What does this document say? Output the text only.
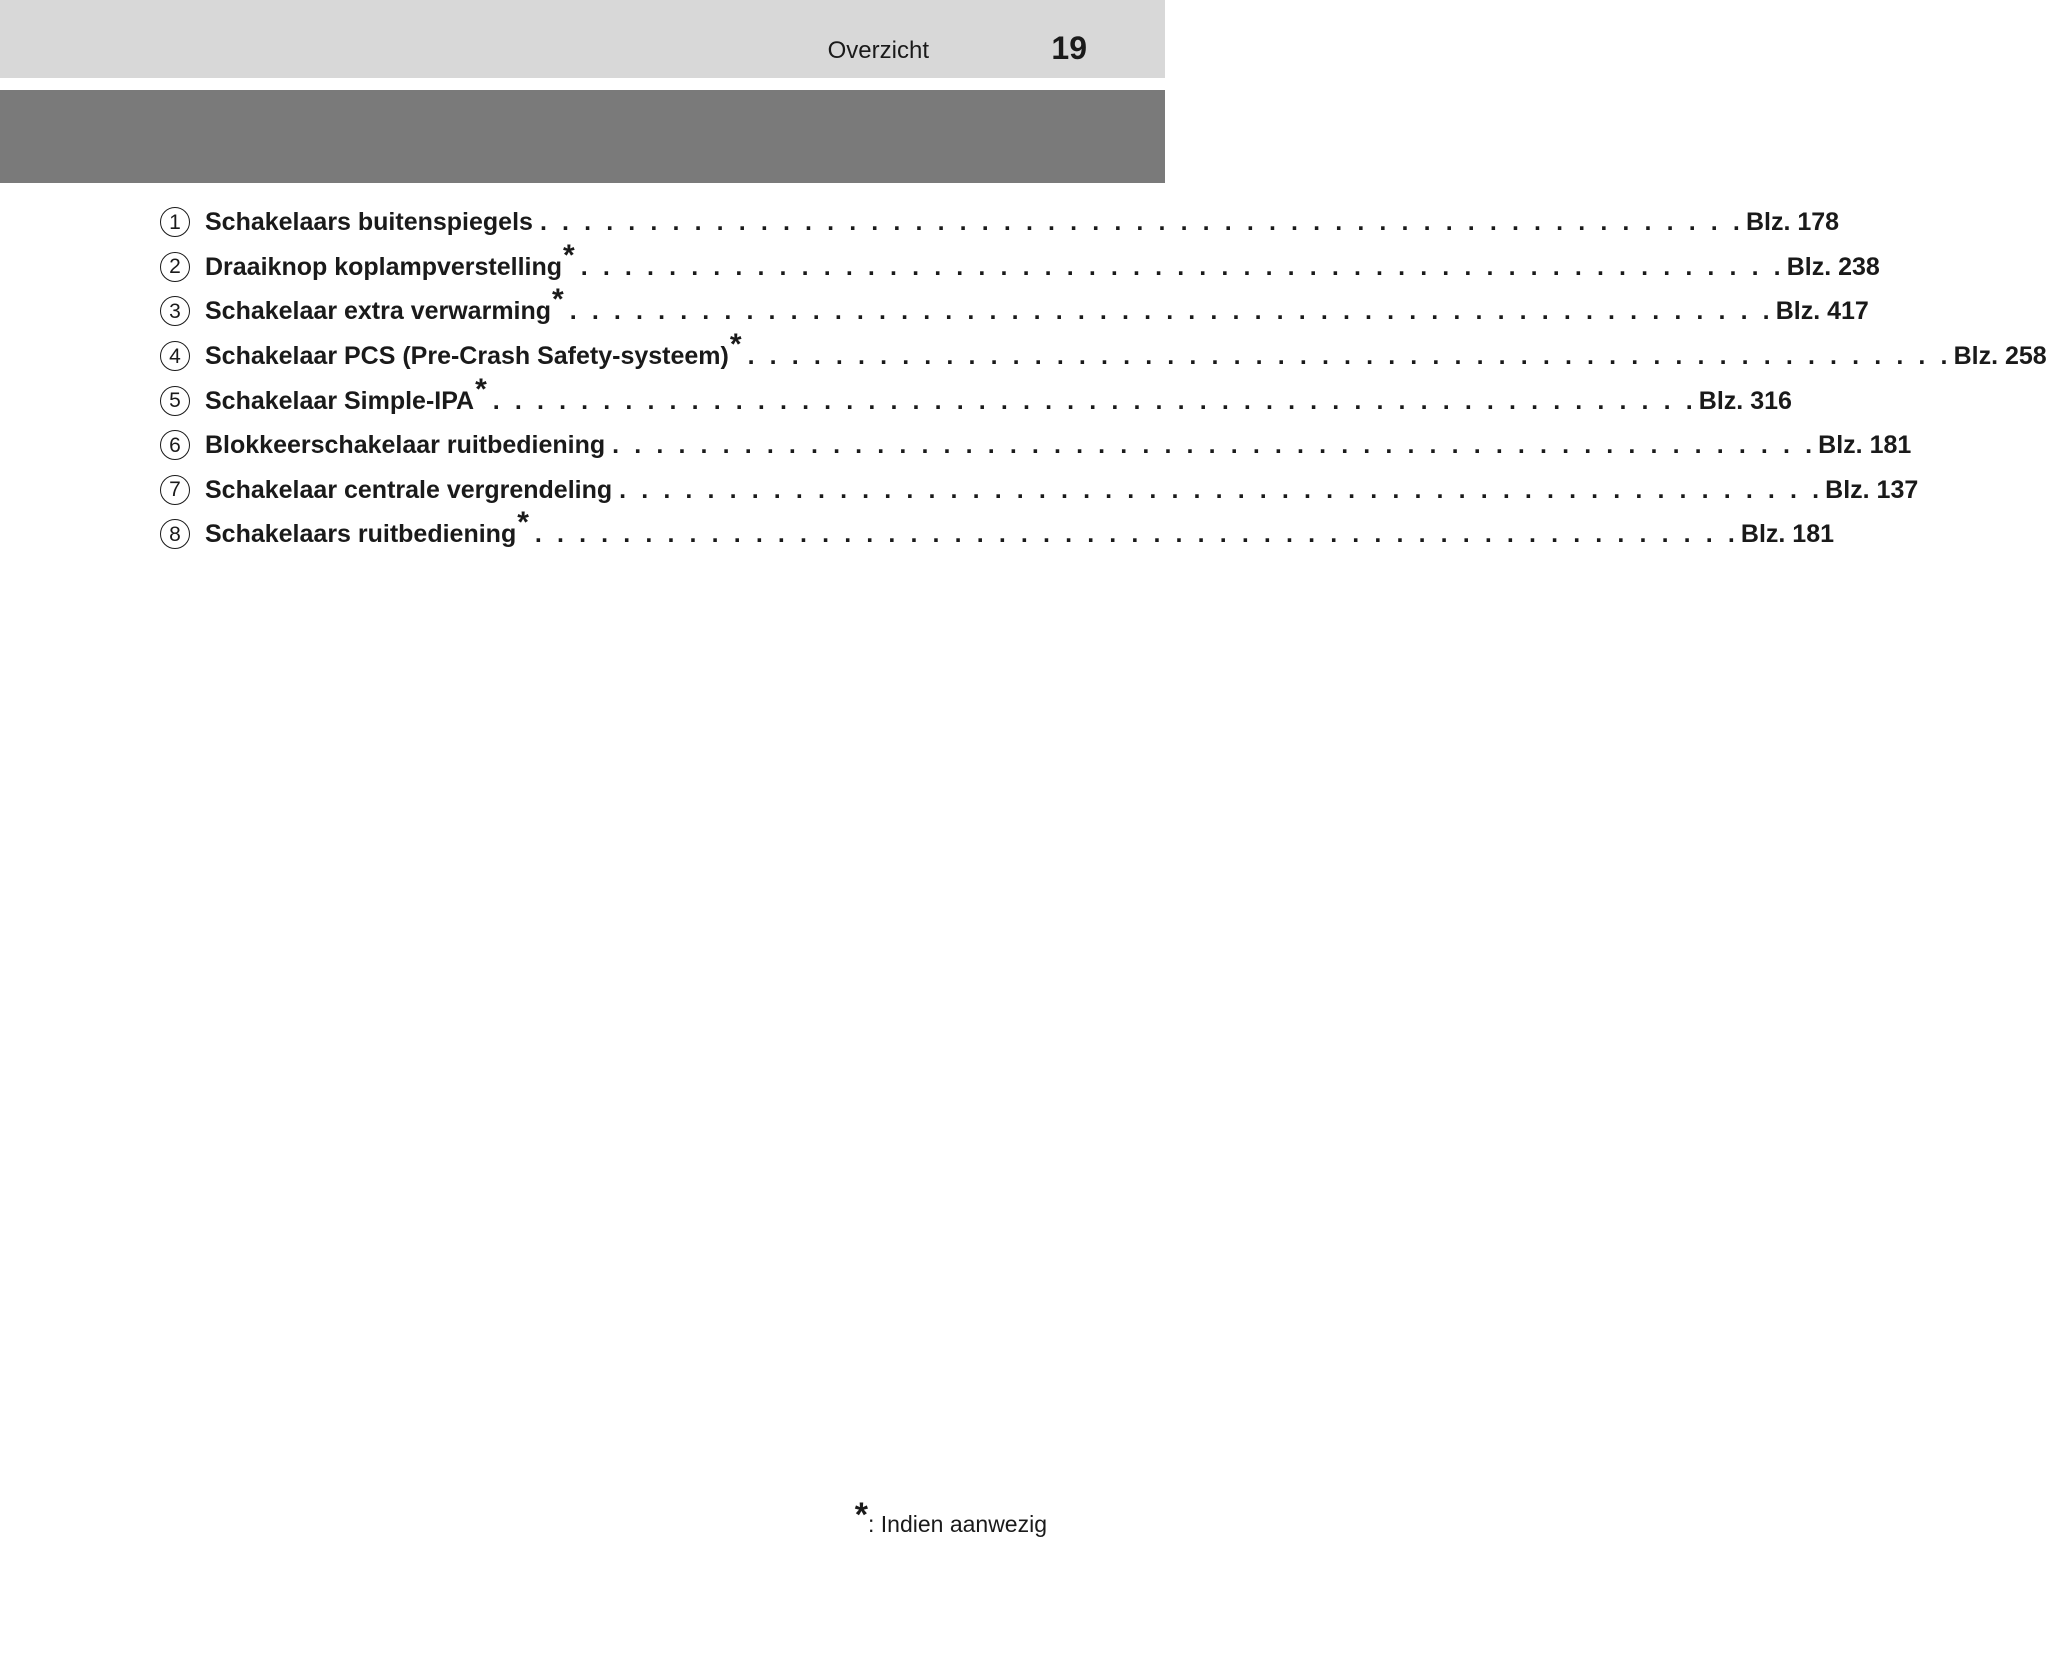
Overzicht	19
1 Schakelaars buitenspiegels . . . . . . . . . . . . . . . . . . . . . . . . . . . . . . . . . . . . . . . . . . . . . . . . . . . . . . . Blz. 178
2 Draaiknop koplampverstelling* . . . . . . . . . . . . . . . . . . . . . . . . . . . . . . . . . . . . . . . . . . . . . . . . . . . . . . . Blz. 238
3 Schakelaar extra verwarming* . . . . . . . . . . . . . . . . . . . . . . . . . . . . . . . . . . . . . . . . . . . . . . . . . . . . . . . Blz. 417
4 Schakelaar PCS (Pre-Crash Safety-systeem)* . . . . . . . . . . . . . . . . . . . . . . . . . . . . . . . . . . . . . . . . . . . . . . . . . . . . . . . Blz. 258
5 Schakelaar Simple-IPA* . . . . . . . . . . . . . . . . . . . . . . . . . . . . . . . . . . . . . . . . . . . . . . . . . . . . . . . Blz. 316
6 Blokkeerschakelaar ruitbediening . . . . . . . . . . . . . . . . . . . . . . . . . . . . . . . . . . . . . . . . . . . . . . . . . . . . . . . Blz. 181
7 Schakelaar centrale vergrendeling . . . . . . . . . . . . . . . . . . . . . . . . . . . . . . . . . . . . . . . . . . . . . . . . . . . . . . . Blz. 137
8 Schakelaars ruitbediening* . . . . . . . . . . . . . . . . . . . . . . . . . . . . . . . . . . . . . . . . . . . . . . . . . . . . . . . Blz. 181
*: Indien aanwezig
